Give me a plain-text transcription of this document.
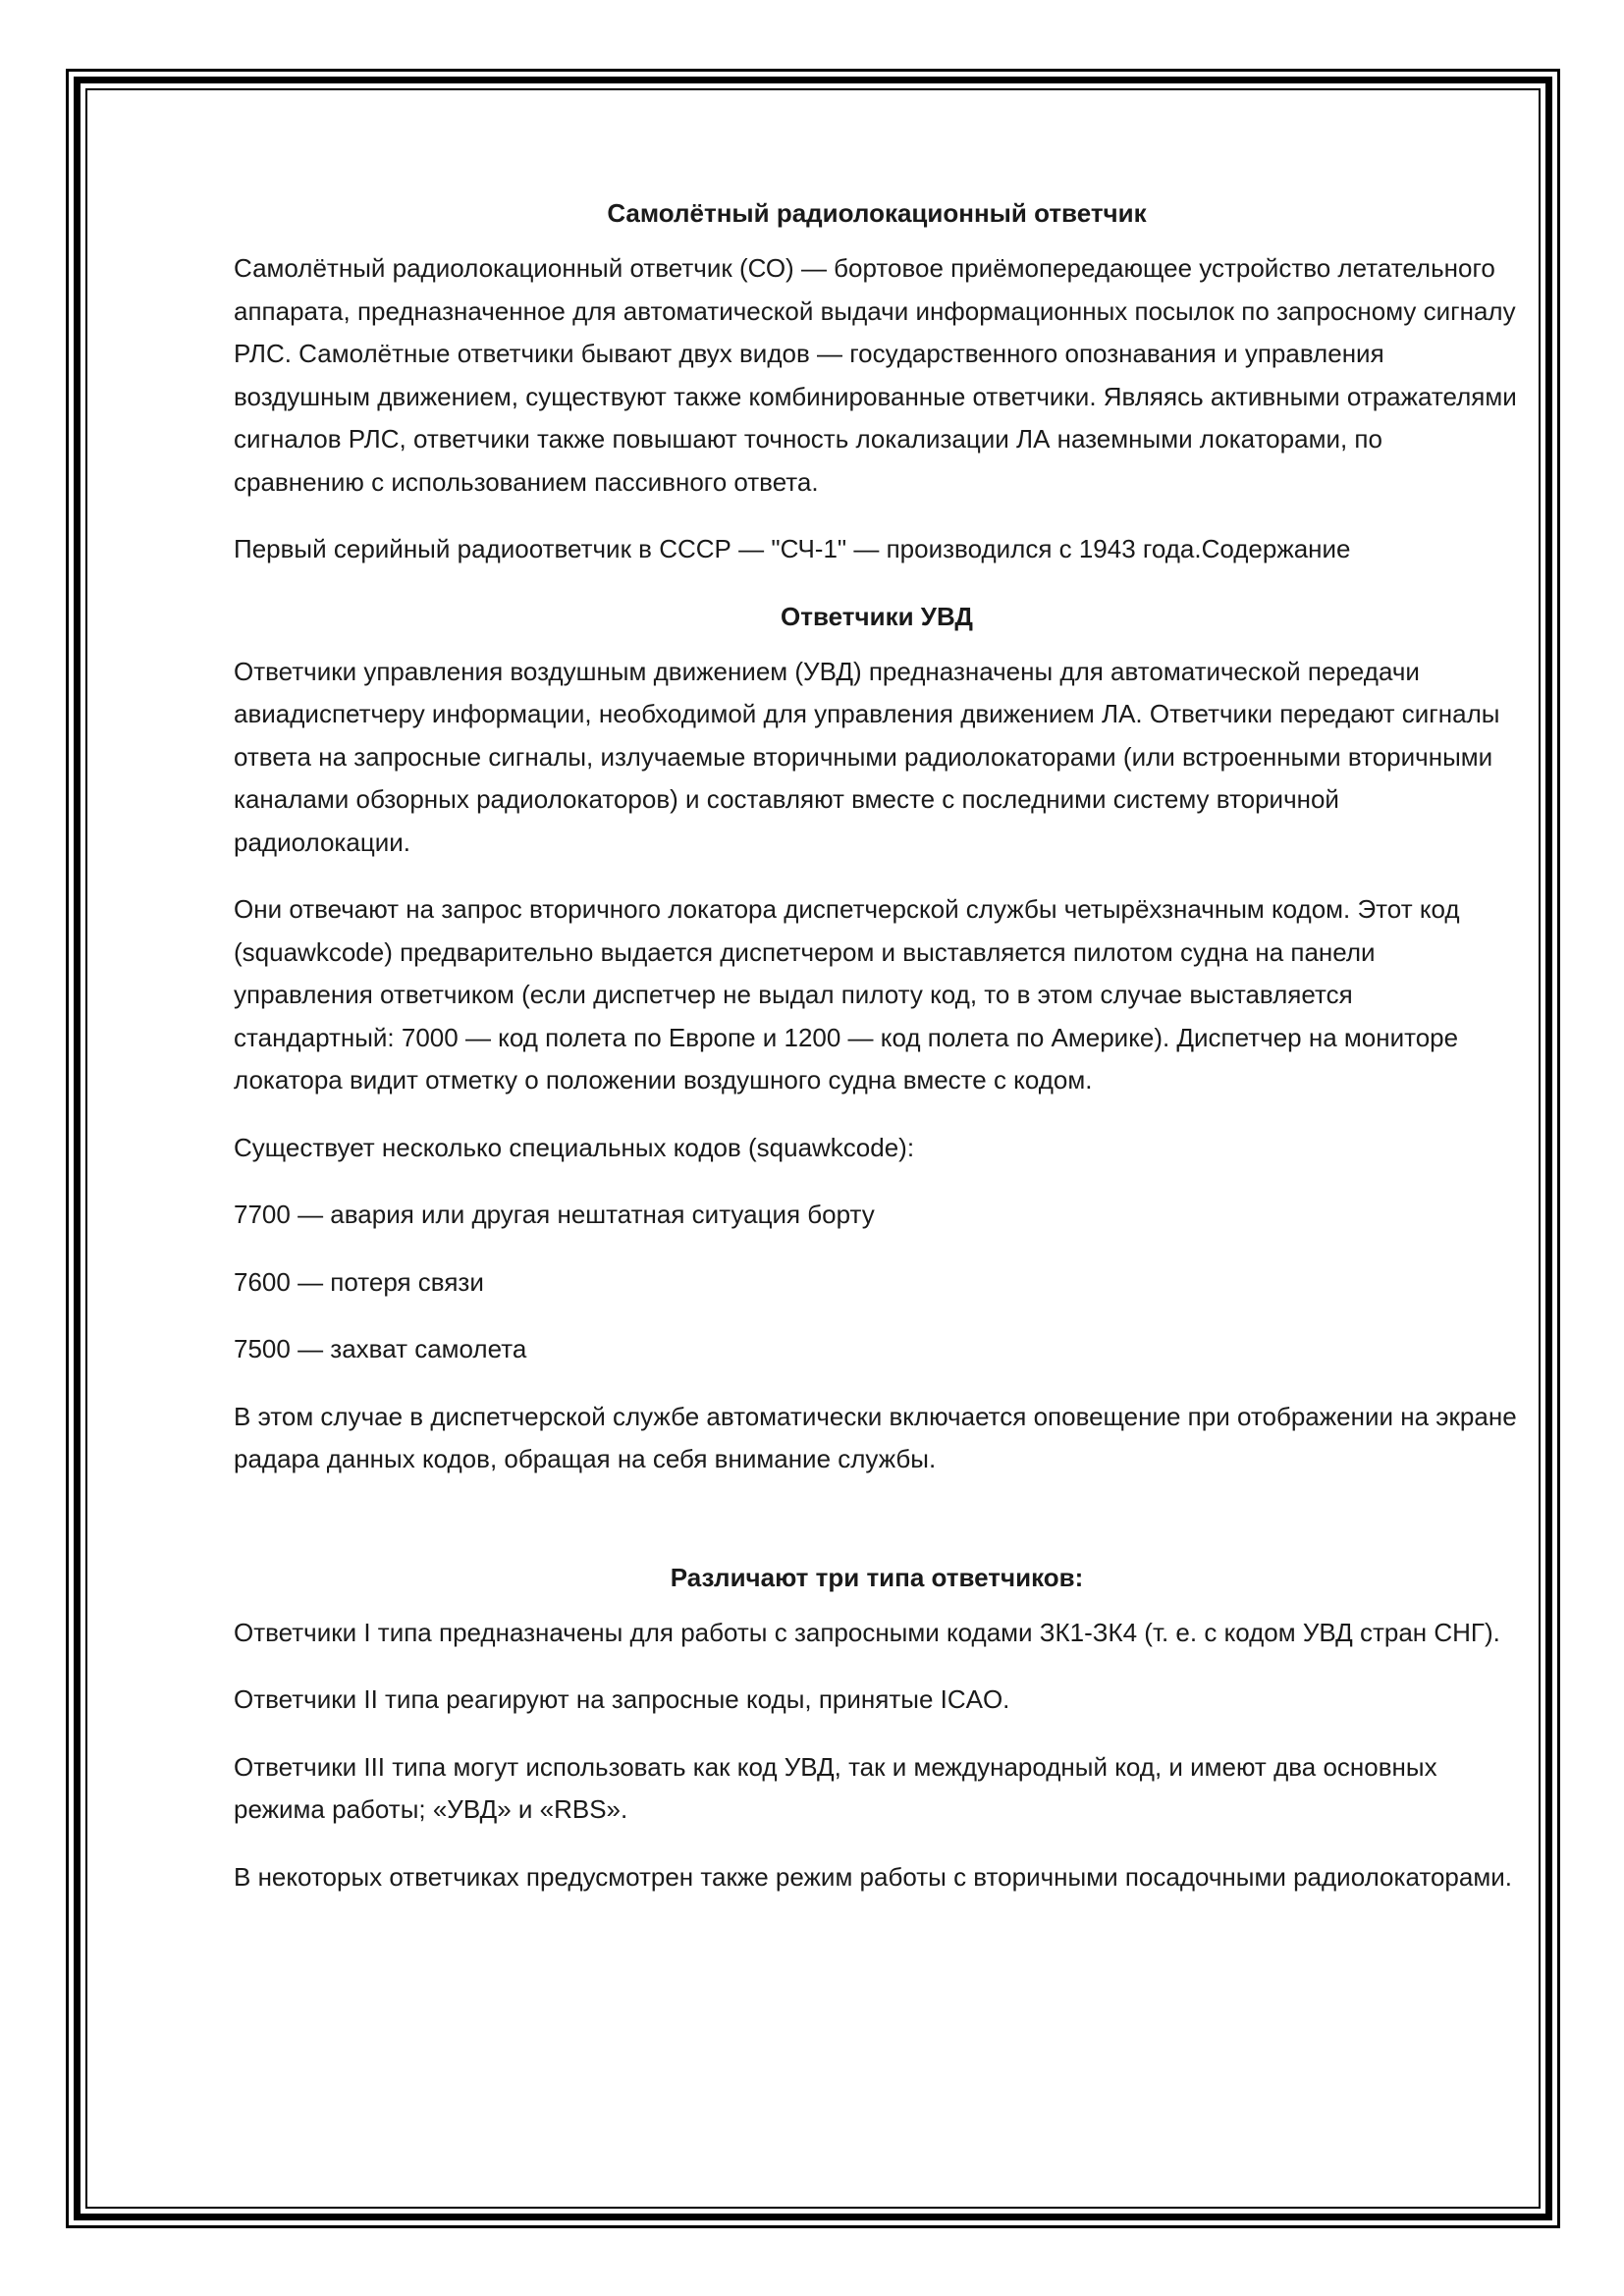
Самолётный радиолокационный ответчик

Самолётный радиолокационный ответчик (СО) — бортовое приёмопередающее устройство летательного аппарата, предназначенное для автоматической выдачи информационных посылок по запросному сигналу РЛС. Самолётные ответчики бывают двух видов — государственного опознавания и управления воздушным движением, существуют также комбинированные ответчики. Являясь активными отражателями сигналов РЛС, ответчики также повышают точность локализации ЛА наземными локаторами, по сравнению с использованием пассивного ответа.

Первый серийный радиоответчик в СССР — "СЧ-1" — производился с 1943 года.Содержание

Ответчики УВД

Ответчики управления воздушным движением (УВД) предназначены для автоматической передачи авиадиспетчеру информации, необходимой для управления движением ЛА. Ответчики передают сигналы ответа на запросные сигналы, излучаемые вторичными радиолокаторами (или встроенными вторичными каналами обзорных радиолокаторов) и составляют вместе с последними систему вторичной радиолокации.

Они отвечают на запрос вторичного локатора диспетчерской службы четырёхзначным кодом. Этот код (squawkcode) предварительно выдается диспетчером и выставляется пилотом судна на панели управления ответчиком (если диспетчер не выдал пилоту код, то в этом случае выставляется стандартный: 7000 — код полета по Европе и 1200 — код полета по Америке). Диспетчер на мониторе локатора видит отметку о положении воздушного судна вместе с кодом.

Существует несколько специальных кодов (squawkcode):

7700 — авария или другая нештатная ситуация борту

7600 — потеря связи

7500 — захват самолета

В этом случае в диспетчерской службе автоматически включается оповещение при отображении на экране радара данных кодов, обращая на себя внимание службы.

Различают три типа ответчиков:

Ответчики I типа предназначены для работы с запросными кодами ЗК1-ЗК4 (т. е. с кодом УВД стран СНГ).

Ответчики II типа реагируют на запросные коды, принятые ICAO.

Ответчики III типа могут использовать как код УВД, так и международный код, и имеют два основных режима работы; «УВД» и «RBS».

В некоторых ответчиках предусмотрен также режим работы с вторичными посадочными радиолокаторами.
